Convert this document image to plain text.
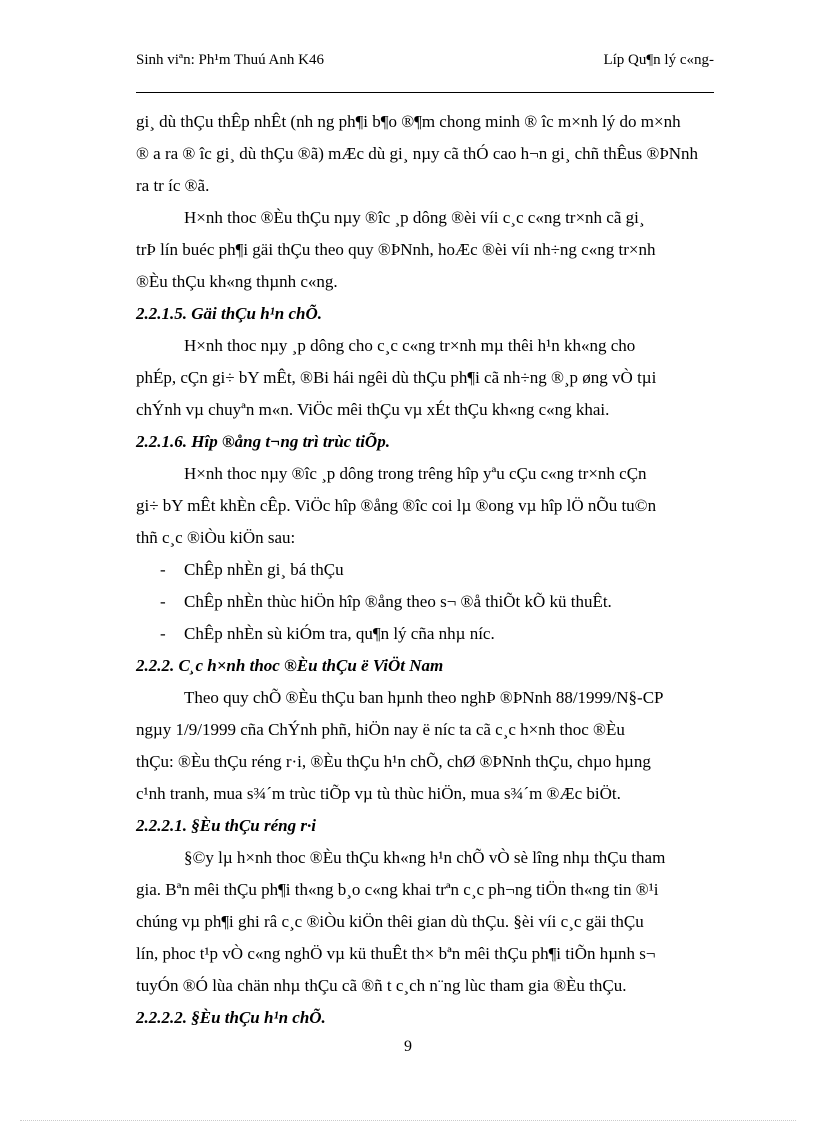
Sinh viªn: Ph¹m Thuú Anh K46	Líp Qu¶n lý c«ng-
gi¸ dù thÇu thÊp nhÊt (nh ng ph¶i b¶o ®¶m chong minh ® îc m×nh lý do m×nh
® a ra ® îc gi¸ dù thÇu ®ã) mÆc dù gi¸ nµy cã thÓ cao h¬n gi¸ chñ thÊus ®ÞNnh
ra tr íc ®ã.
H×nh thoc ®Èu thÇu nµy ®îc ¸p dông ®èi víi c¸c c«ng tr×nh cã gi¸
trÞ lín buéc ph¶i gäi thÇu theo quy ®ÞNnh, hoÆc ®èi víi nh÷ng c«ng tr×nh
®Èu thÇu kh«ng thµnh c«ng.
2.2.1.5. Gäi thÇu h¹n chÕ.
H×nh thoc nµy ¸p dông cho c¸c c«ng tr×nh mµ thêi h¹n kh«ng cho
phÉp, cÇn gi÷ bY mÊt, ®Bi hái ngêi dù thÇu ph¶i cã nh÷ng ®¸p øng vÒ tµi
chÝnh vµ chuyªn m«n. ViÖc mêi thÇu vµ xÉt thÇu kh«ng c«ng khai.
2.2.1.6. Hîp ®ång t¬ng trì trùc tiÕp.
H×nh thoc nµy ®îc ¸p dông trong trêng hîp yªu cÇu c«ng tr×nh cÇn
gi÷ bY mÊt khÈn cÊp. ViÖc hîp ®ång ®îc coi lµ ®ong vµ hîp lÖ nÕu tu©n
thñ c¸c ®iÒu kiÖn sau:
- ChÊp nhÈn gi¸ bá thÇu
- ChÊp nhÈn thùc hiÖn hîp ®ång theo s¬ ®å thiÕt kÕ kü thuÊt.
- ChÊp nhÈn sù kiÓm tra, qu¶n lý cña nhµ níc.
2.2.2. C¸c h×nh thoc ®Èu thÇu ë ViÖt Nam
Theo quy chÕ ®Èu thÇu ban hµnh theo nghÞ ®ÞNnh 88/1999/N§-CP
ngµy 1/9/1999 cña ChÝnh phñ, hiÖn nay ë níc ta cã c¸c h×nh thoc ®Èu
thÇu: ®Èu thÇu réng r·i, ®Èu thÇu h¹n chÕ, chØ ®ÞNnh thÇu, chµo hµng
c¹nh tranh, mua s¾´m trùc tiÕp vµ tù thùc hiÖn, mua s¾´m ®Æc biÖt.
2.2.2.1. §Èu thÇu réng r·i
§©y lµ h×nh thoc ®Èu thÇu kh«ng h¹n chÕ vÒ sè lîng nhµ thÇu tham
gia. Bªn mêi thÇu ph¶i th«ng b¸o c«ng khai trªn c¸c ph¬ng tiÖn th«ng tin ®¹i
chúng vµ ph¶i ghi râ c¸c ®iÒu kiÖn thêi gian dù thÇu. §èi víi c¸c gäi thÇu
lín, phoc t¹p vÒ c«ng nghÖ vµ kü thuÊt th× bªn mêi thÇu ph¶i tiÕn hµnh s¬
tuyÓn ®Ó lùa chän nhµ thÇu cã ®ñ t c¸ch n¨ng lùc tham gia ®Èu thÇu.
2.2.2.2. §Èu thÇu h¹n chÕ.
9
